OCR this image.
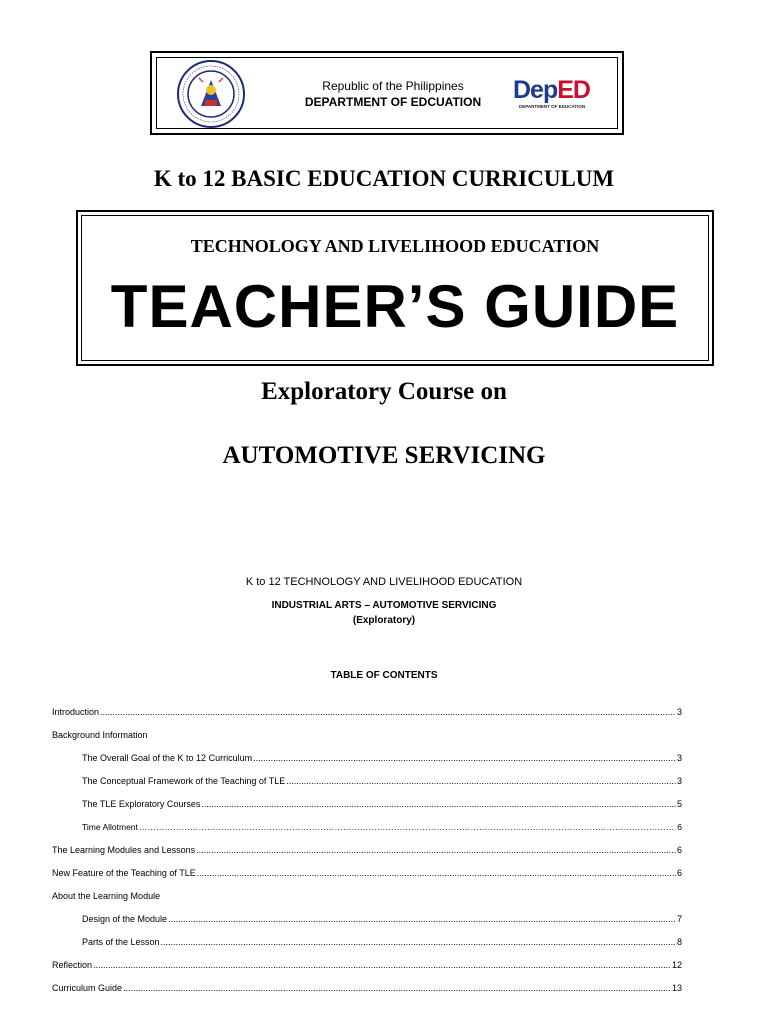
Republic of the Philippines
DEPARTMENT OF EDCUATION	DepED
DEPARTMENT OF EDUCATION
K to 12 BASIC EDUCATION CURRICULUM
TECHNOLOGY AND LIVELIHOOD EDUCATION
TEACHER’S GUIDE
Exploratory Course on
AUTOMOTIVE SERVICING
K to 12 TECHNOLOGY AND LIVELIHOOD EDUCATION
INDUSTRIAL ARTS – AUTOMOTIVE SERVICING
(Exploratory)
TABLE OF CONTENTS
Introduction .....	3
Background Information
The Overall Goal of the K to 12 Curriculum .....	3
The Conceptual Framework of the Teaching of TLE .....	3
The TLE Exploratory Courses .....	5
Time Allotment ………………………………………………………………………………………………………………………………………………………………………………	6
The Learning Modules and Lessons .....	6
New Feature of the Teaching of TLE .....	6
About the Learning Module
Design of the Module .....	7
Parts of the Lesson .....	8
Reflection .....	12
Curriculum Guide .....	13
